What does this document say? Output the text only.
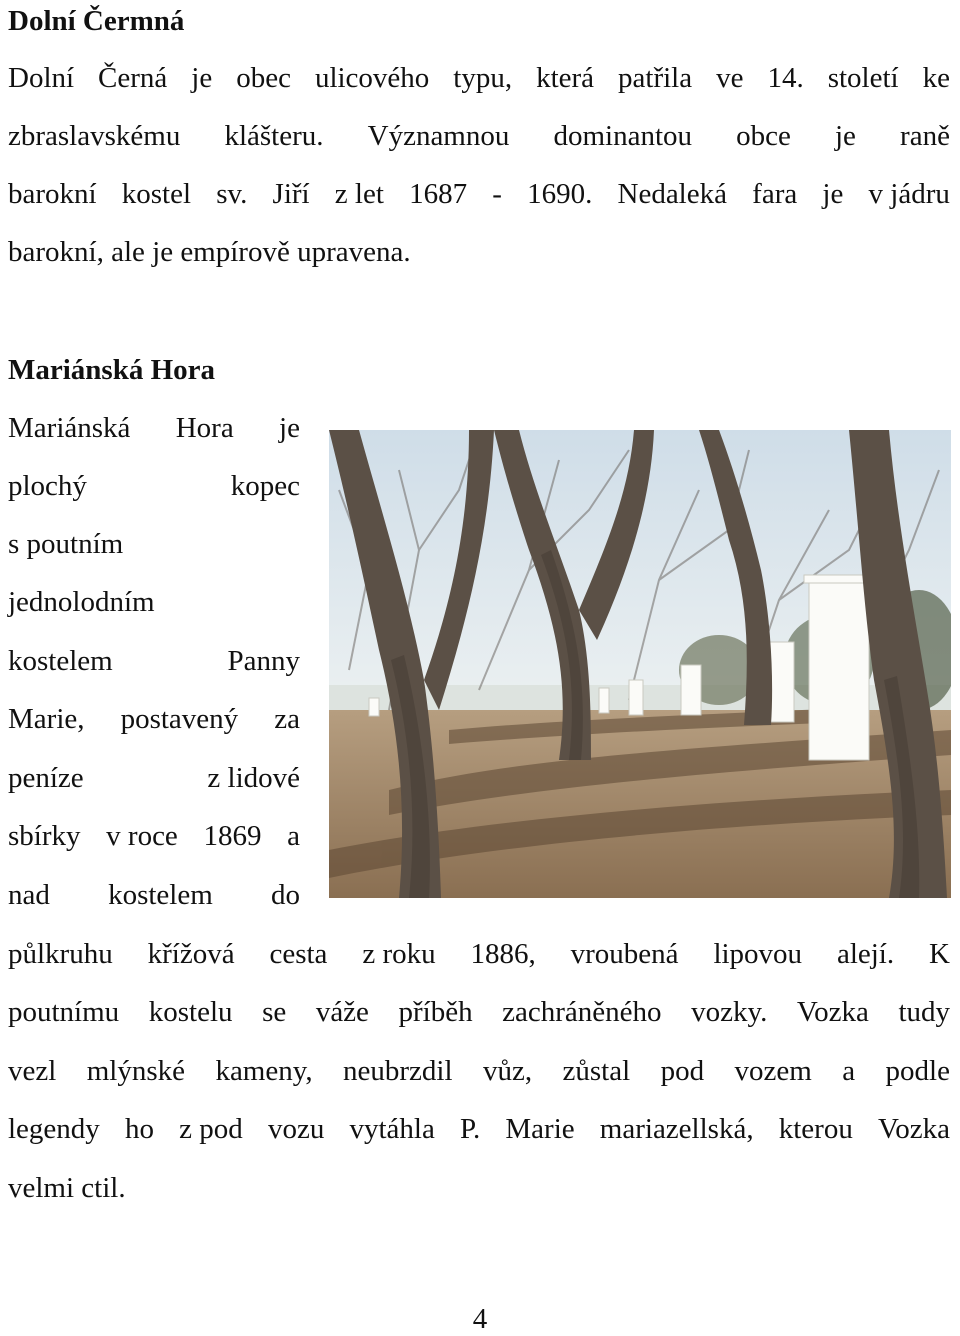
Dolní Čermná
Dolní Černá je obec ulicového typu, která patřila ve 14. století ke
zbraslavskému klášteru. Významnou dominantou obce je raně
barokní kostel sv. Jiří z let 1687 - 1690. Nedaleká fara je v jádru
barokní, ale je empírově upravena.
Mariánská Hora
Mariánská Hora je
plochý	kopec
s poutním
jednolodním
kostelem	Panny
Marie, postavený za
peníze	z lidové
sbírky v roce 1869 a
nad kostelem do
půlkruhu křížová cesta z roku 1886, vroubená lipovou alejí. K
poutnímu kostelu se váže příběh zachráněného vozky. Vozka tudy
vezl mlýnské kameny, neubrzdil vůz, zůstal pod vozem a podle
legendy ho z pod vozu vytáhla P. Marie mariazellská, kterou Vozka
velmi ctil.
4
